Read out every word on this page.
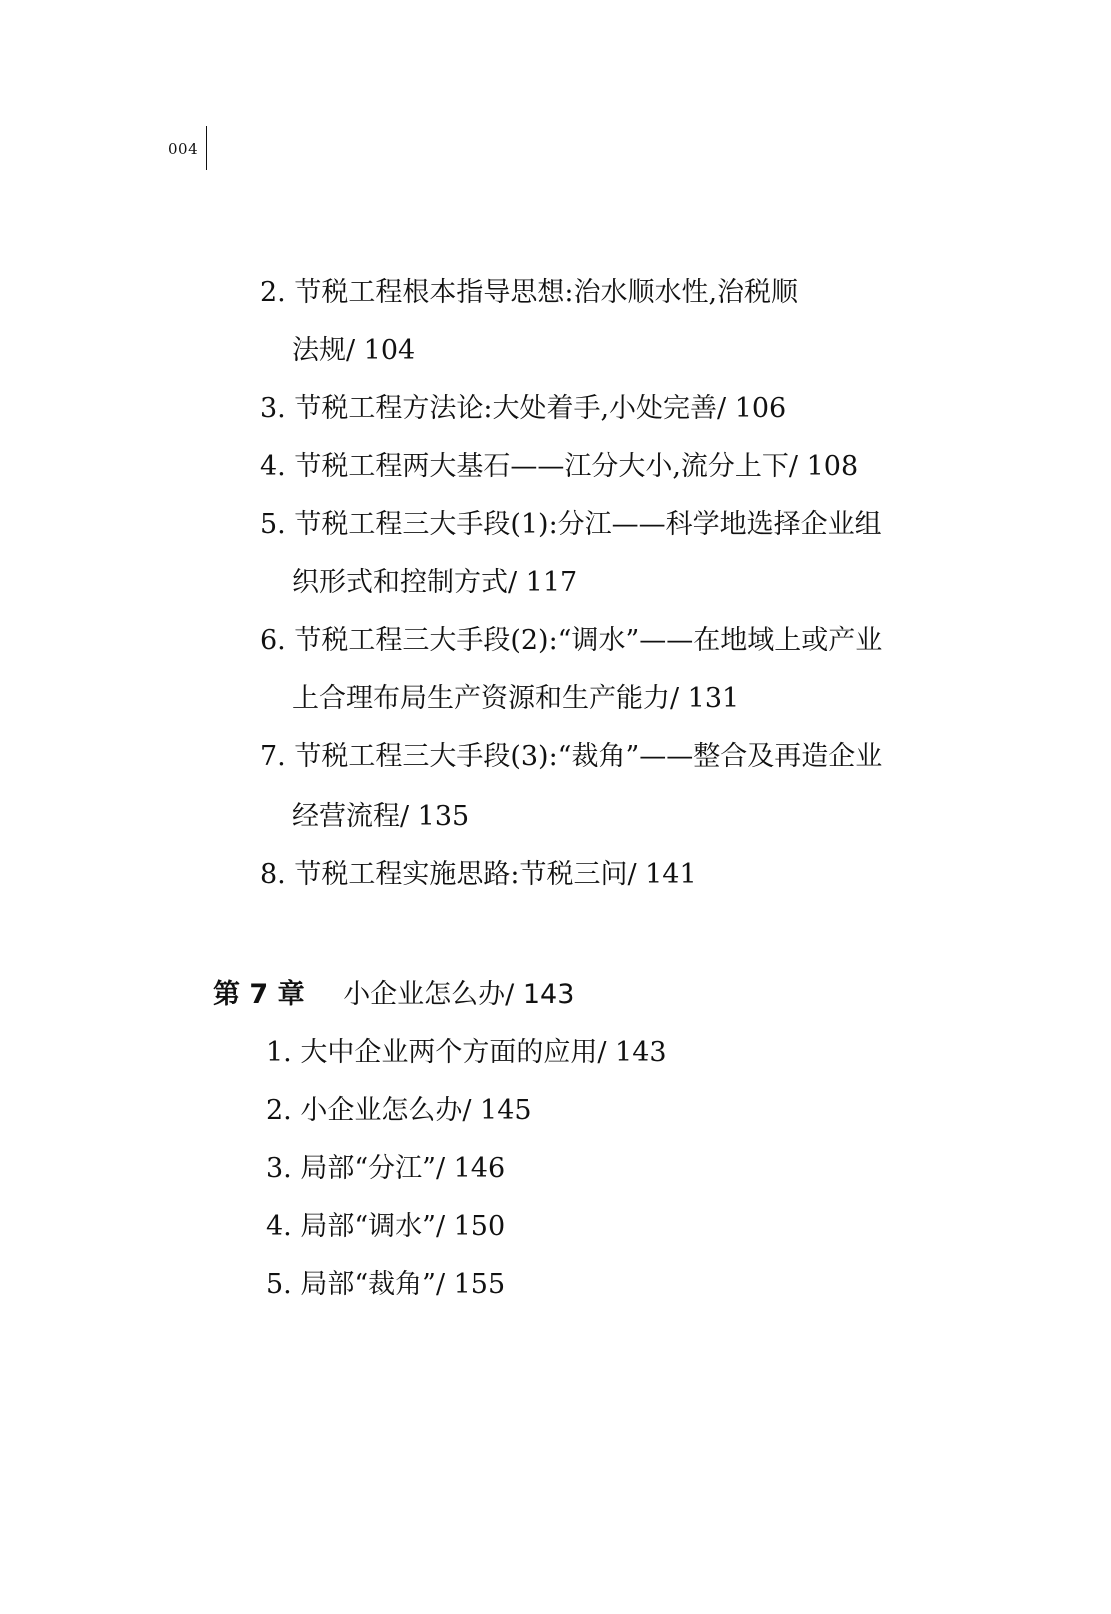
004
2. 节税工程根本指导思想:治水顺水性,治税顺
法规/ 104
3. 节税工程方法论:大处着手,小处完善/ 106
4. 节税工程两大基石——江分大小,流分上下/ 108
5. 节税工程三大手段(1):分江——科学地选择企业组
织形式和控制方式/ 117
6. 节税工程三大手段(2):“调水”——在地域上或产业
上合理布局生产资源和生产能力/ 131
7. 节税工程三大手段(3):“裁角”——整合及再造企业
经营流程/ 135
8. 节税工程实施思路:节税三问/ 141
第 7 章 小企业怎么办/ 143
1. 大中企业两个方面的应用/ 143
2. 小企业怎么办/ 145
3. 局部“分江”/ 146
4. 局部“调水”/ 150
5. 局部“裁角”/ 155
